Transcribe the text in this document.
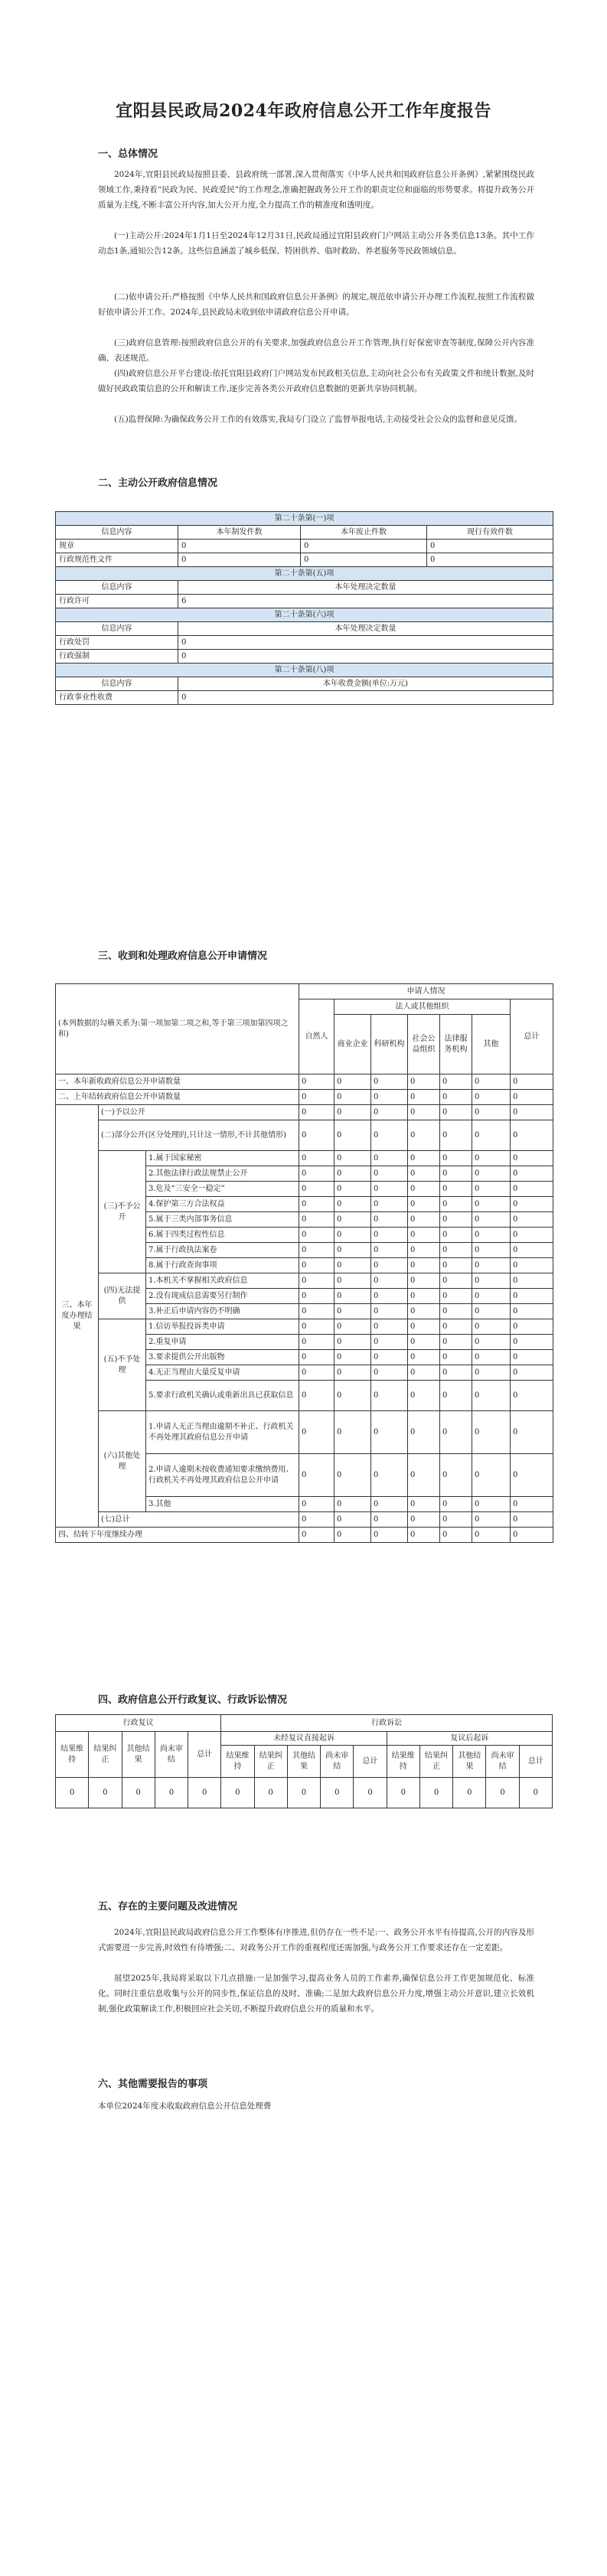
宜阳县民政局2024年政府信息公开工作年度报告
一、总体情况

2024年,宜阳县民政局按照县委、县政府统一部署,深入贯彻落实《中华人民共和国政府信息公开条例》,紧紧围绕民政领域工作,秉持着“民政为民、民政爱民”的工作理念,准确把握政务公开工作的职责定位和面临的形势要求。将提升政务公开质量为主线,不断丰富公开内容,加大公开力度,全力提高工作的精准度和透明度。

(一)主动公开:2024年1月1日至2024年12月31日,民政局通过宜阳县政府门户网站主动公开各类信息13条。其中工作动态1条,通知公告12条。这些信息涵盖了城乡低保、特困供养、临时救助、养老服务等民政领域信息。

(二)依申请公开:严格按照《中华人民共和国政府信息公开条例》的规定,规范依申请公开办理工作流程,按照工作流程做好依申请公开工作。2024年,县民政局未收到依申请政府信息公开申请。

(三)政府信息管理:按照政府信息公开的有关要求,加强政府信息公开工作管理,执行好保密审查等制度,保障公开内容准确、表述规范。

(四)政府信息公开平台建设:依托宜阳县政府门户网站发布民政相关信息,主动向社会公布有关政策文件和统计数据,及时做好民政政策信息的公开和解读工作,逐步完善各类公开政府信息数据的更新共享协同机制。

(五)监督保障:为确保政务公开工作的有效落实,我局专门设立了监督举报电话,主动接受社会公众的监督和意见反馈。

二、主动公开政府信息情况
第二十条第(一)项			
信息内容	本年制发件数	本年废止件数	现行有效件数
规章	0	0	0
行政规范性文件	0	0	0
第二十条第(五)项			
信息内容	本年处理决定数量		
行政许可	6		
第二十条第(六)项			
信息内容	本年处理决定数量		
行政处罚	0		
行政强制	0		
第二十条第(八)项			
信息内容	本年收费金额(单位:万元)		
行政事业性收费	0		
三、收到和处理政府信息公开申请情况
(本列数据的勾稽关系为:第一项加第二项之和,等于第三项加第四项之和)			申请人情况						
			自然人	法人或其他组织					总计
				商业企业	科研机构	社会公益组织	法律服务机构	其他	
一、本年新收政府信息公开申请数量			0	0	0	0	0	0	0
二、上年结转政府信息公开申请数量			0	0	0	0	0	0	0
三、本年度办理结果	(一)予以公开		0	0	0	0	0	0	0
	(二)部分公开(区分处理的,只计这一情形,不计其他情形)		0	0	0	0	0	0	0
	(三)不予公开	1.属于国家秘密	0	0	0	0	0	0	0
		2.其他法律行政法规禁止公开	0	0	0	0	0	0	0
		3.危及“三安全一稳定”	0	0	0	0	0	0	0
		4.保护第三方合法权益	0	0	0	0	0	0	0
		5.属于三类内部事务信息	0	0	0	0	0	0	0
		6.属于四类过程性信息	0	0	0	0	0	0	0
		7.属于行政执法案卷	0	0	0	0	0	0	0
		8.属于行政查询事项	0	0	0	0	0	0	0
	(四)无法提供	1.本机关不掌握相关政府信息	0	0	0	0	0	0	0
		2.没有现成信息需要另行制作	0	0	0	0	0	0	0
		3.补正后申请内容仍不明确	0	0	0	0	0	0	0
	(五)不予处理	1.信访举报投诉类申请	0	0	0	0	0	0	0
		2.重复申请	0	0	0	0	0	0	0
		3.要求提供公开出版物	0	0	0	0	0	0	0
		4.无正当理由大量反复申请	0	0	0	0	0	0	0
		5.要求行政机关确认或重新出具已获取信息	0	0	0	0	0	0	0
	(六)其他处理	1.申请人无正当理由逾期不补正、行政机关不再处理其政府信息公开申请	0	0	0	0	0	0	0
		2.申请人逾期未按收费通知要求缴纳费用、行政机关不再处理其政府信息公开申请	0	0	0	0	0	0	0
		3.其他	0	0	0	0	0	0	0
	(七)总计		0	0	0	0	0	0	0
四、结转下年度继续办理			0	0	0	0	0	0	0
四、政府信息公开行政复议、行政诉讼情况
行政复议					行政诉讼									
结果维持	结果纠正	其他结果	尚未审结	总计	未经复议直接起诉					复议后起诉				
					结果维持	结果纠正	其他结果	尚未审结	总计	结果维持	结果纠正	其他结果	尚未审结	总计
0	0	0	0	0	0	0	0	0	0	0	0	0	0	0
五、存在的主要问题及改进情况

2024年,宜阳县民政局政府信息公开工作整体有序推进,但仍存在一些不足:一、政务公开水平有待提高,公开的内容及形式需要进一步完善,时效性有待增强;二、对政务公开工作的重视程度还需加强,与政务公开工作要求还存在一定差距。

展望2025年,我局将采取以下几点措施:一是加强学习,提高业务人员的工作素养,确保信息公开工作更加规范化、标准化。同时注重信息收集与公开的同步性,保证信息的及时、准确;二是加大政府信息公开力度,增强主动公开意识,建立长效机制,强化政策解读工作,积极回应社会关切,不断提升政府信息公开的质量和水平。

六、其他需要报告的事项

本单位2024年度未收取政府信息公开信息处理费
